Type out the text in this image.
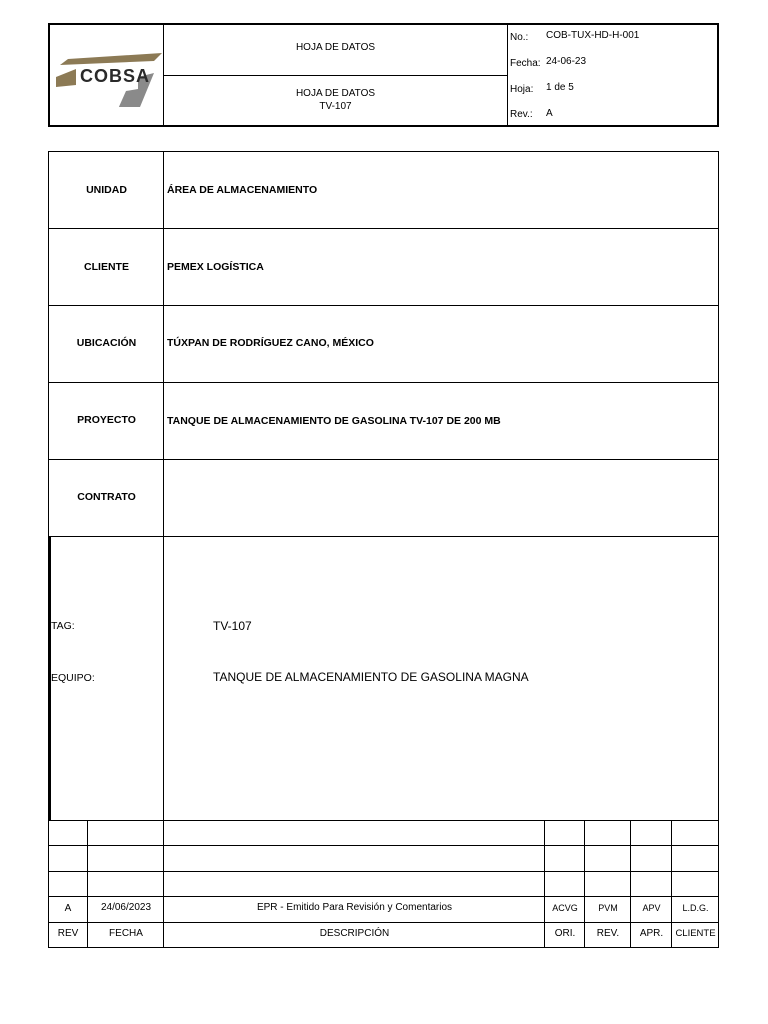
COBSA
HOJA DE DATOS
HOJA DE DATOS
TV-107
No.: COB-TUX-HD-H-001
Fecha: 24-06-23
Hoja: 1 de 5
Rev.: A
UNIDAD	ÁREA DE ALMACENAMIENTO
CLIENTE	PEMEX LOGÍSTICA
UBICACIÓN	TÚXPAN DE RODRÍGUEZ CANO, MÉXICO
PROYECTO	TANQUE DE ALMACENAMIENTO DE GASOLINA TV-107 DE 200 MB
CONTRATO
TAG:	TV-107
EQUIPO:	TANQUE DE ALMACENAMIENTO DE GASOLINA MAGNA
A	24/06/2023	EPR - Emitido Para Revisión y Comentarios	ACVG	PVM	APV	L.D.G.
REV	FECHA	DESCRIPCIÓN	ORI.	REV.	APR.	CLIENTE
